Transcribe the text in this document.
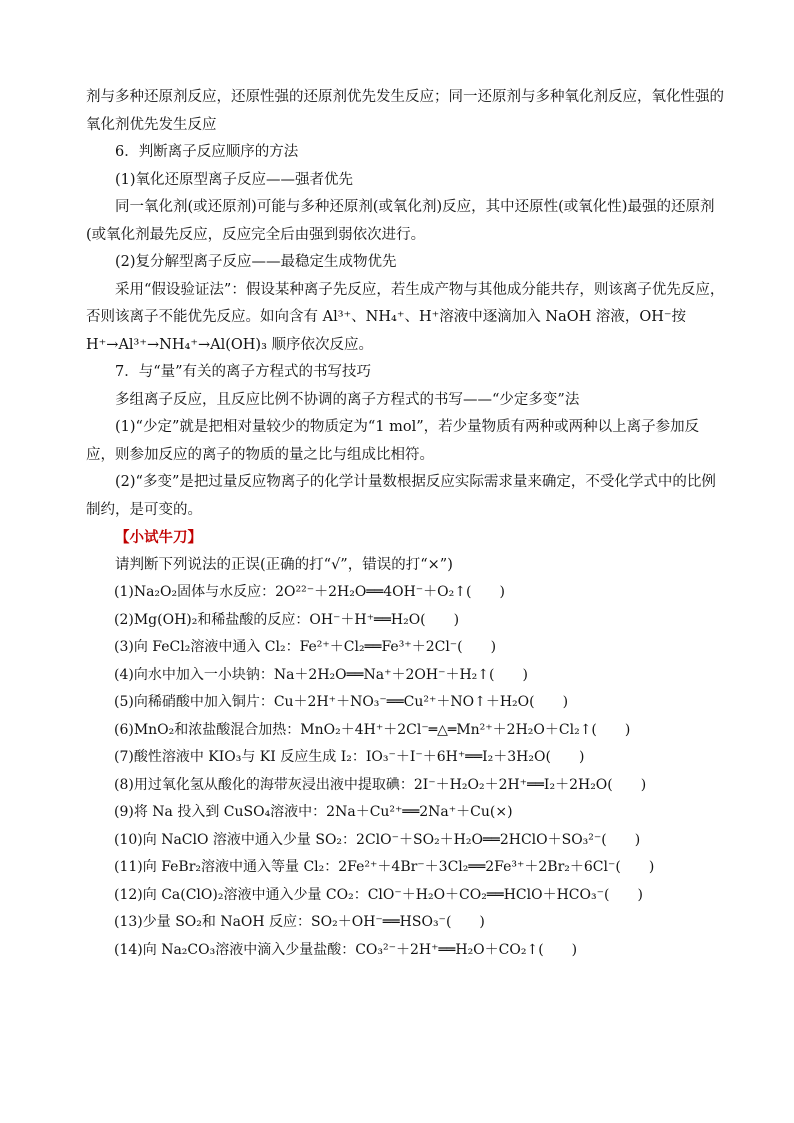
剂与多种还原剂反应，还原性强的还原剂优先发生反应；同一还原剂与多种氧化剂反应，氧化性强的氧化剂优先发生反应

6．判断离子反应顺序的方法

(1)氧化还原型离子反应——强者优先

同一氧化剂(或还原剂)可能与多种还原剂(或氧化剂)反应，其中还原性(或氧化性)最强的还原剂(或氧化剂最先反应，反应完全后由强到弱依次进行。

(2)复分解型离子反应——最稳定生成物优先

采用“假设验证法”：假设某种离子先反应，若生成产物与其他成分能共存，则该离子优先反应，否则该离子不能优先反应。如向含有 Al³⁺、NH₄⁺、H⁺溶液中逐滴加入 NaOH 溶液，OH⁻按 H⁺→Al³⁺→NH₄⁺→Al(OH)₃ 顺序依次反应。

7．与“量”有关的离子方程式的书写技巧

多组离子反应，且反应比例不协调的离子方程式的书写——“少定多变”法

(1)“少定”就是把相对量较少的物质定为“1 mol”，若少量物质有两种或两种以上离子参加反应，则参加反应的离子的物质的量之比与组成比相符。

(2)“多变”是把过量反应物离子的化学计量数根据反应实际需求量来确定，不受化学式中的比例制约，是可变的。

【小试牛刀】

请判断下列说法的正误(正确的打“√”，错误的打“×”)

(1)Na₂O₂固体与水反应：2O²²⁻＋2H₂O══4OH⁻＋O₂↑(　　)

(2)Mg(OH)₂和稀盐酸的反应：OH⁻＋H⁺══H₂O(　　)

(3)向 FeCl₂溶液中通入 Cl₂：Fe²⁺＋Cl₂══Fe³⁺＋2Cl⁻(　　)

(4)向水中加入一小块钠：Na＋2H₂O══Na⁺＋2OH⁻＋H₂↑(　　)

(5)向稀硝酸中加入铜片：Cu＋2H⁺＋NO₃⁻══Cu²⁺＋NO↑＋H₂O(　　)

(6)MnO₂和浓盐酸混合加热：MnO₂＋4H⁺＋2Cl⁻═△═Mn²⁺＋2H₂O＋Cl₂↑(　　)

(7)酸性溶液中 KIO₃与 KI 反应生成 I₂：IO₃⁻＋I⁻＋6H⁺══I₂＋3H₂O(　　)

(8)用过氧化氢从酸化的海带灰浸出液中提取碘：2I⁻＋H₂O₂＋2H⁺══I₂＋2H₂O(　　)

(9)将 Na 投入到 CuSO₄溶液中：2Na＋Cu²⁺══2Na⁺＋Cu(×)

(10)向 NaClO 溶液中通入少量 SO₂：2ClO⁻＋SO₂＋H₂O══2HClO＋SO₃²⁻(　　)

(11)向 FeBr₂溶液中通入等量 Cl₂：2Fe²⁺＋4Br⁻＋3Cl₂══2Fe³⁺＋2Br₂＋6Cl⁻(　　)

(12)向 Ca(ClO)₂溶液中通入少量 CO₂：ClO⁻＋H₂O＋CO₂══HClO＋HCO₃⁻(　　)

(13)少量 SO₂和 NaOH 反应：SO₂＋OH⁻══HSO₃⁻(　　)

(14)向 Na₂CO₃溶液中滴入少量盐酸：CO₃²⁻＋2H⁺══H₂O＋CO₂↑(　　)
